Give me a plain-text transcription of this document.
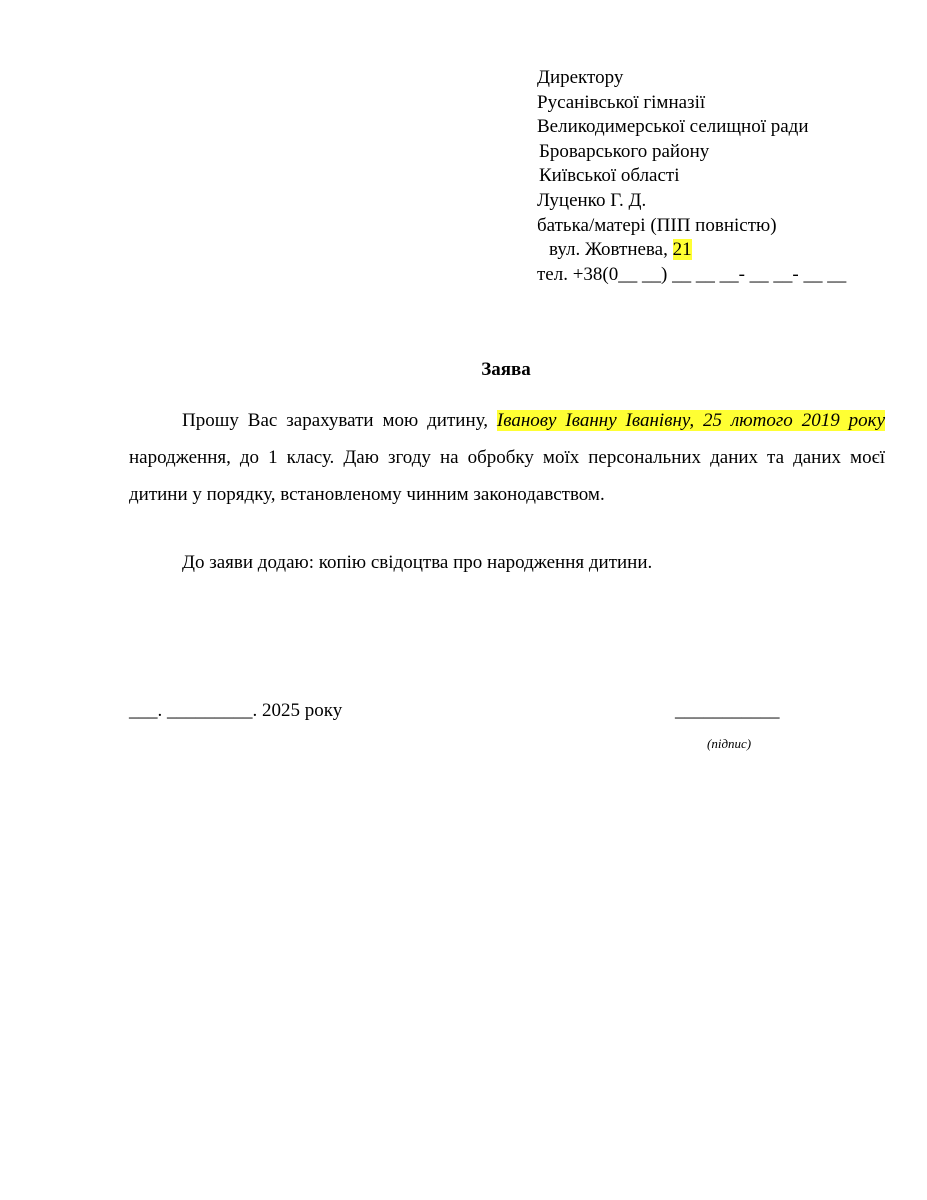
Директору
Русанівської гімназії
Великодимерської селищної ради
Броварського району
Київської області
Луценко Г. Д.
батька/матері (ПІП повністю)
вул. Жовтнева, 21
тел. +38(0__ __) __ __ __- __ __- __ __
Заява
Прошу Вас зарахувати мою дитину, Іванову Іванну Іванівну, 25 лютого 2019 року народження, до 1 класу. Даю згоду на обробку моїх персональних даних та даних моєї дитини у порядку, встановленому чинним законодавством.
До заяви додаю: копію свідоцтва про народження дитини.
___. _________. 2025 року	___________
(підпис)
